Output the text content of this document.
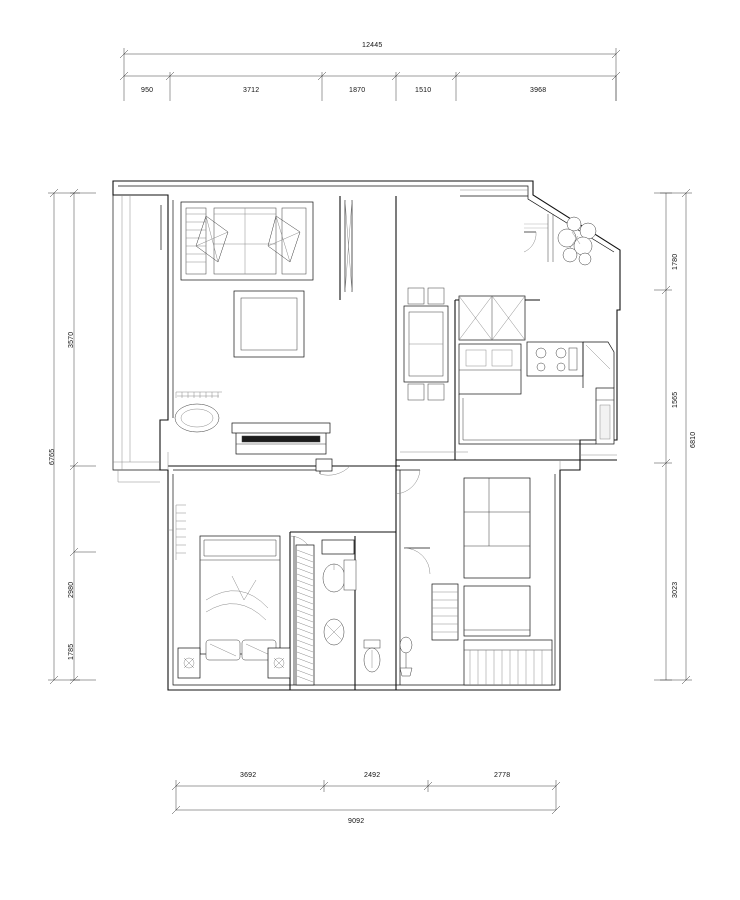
12445
950	3712	1870	1510	3968
6765
3570
2980
1785
6810
1780
1565
3023
3692	2492	2778
9092
